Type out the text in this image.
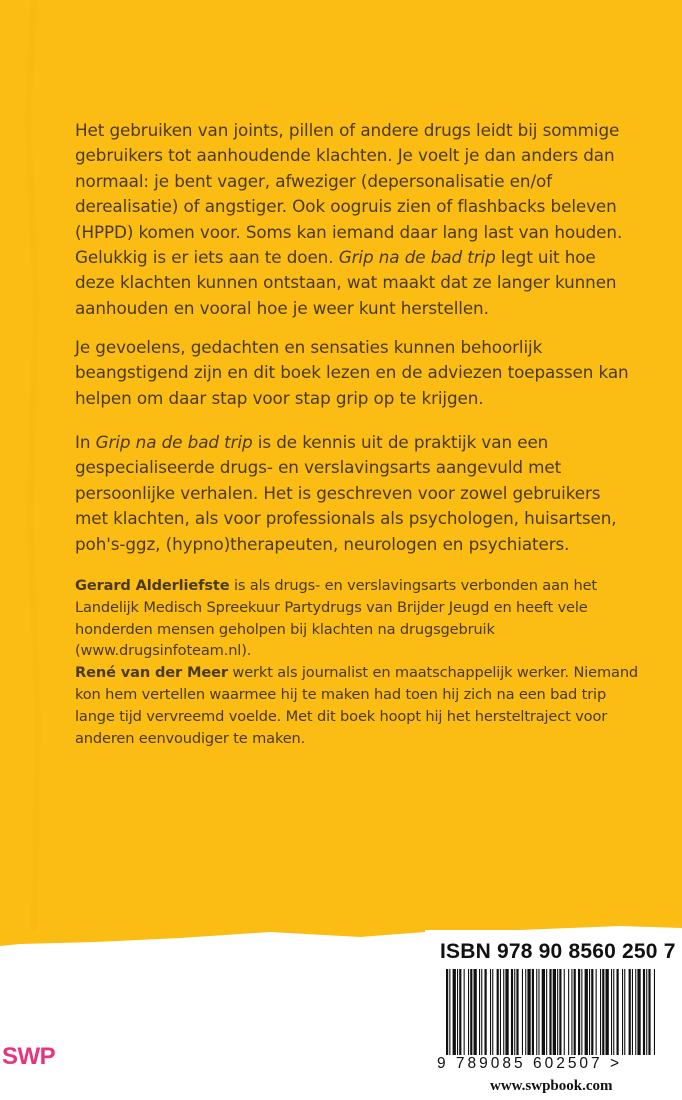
Het gebruiken van joints, pillen of andere drugs leidt bij sommige gebruikers tot aanhoudende klachten. Je voelt je dan anders dan normaal: je bent vager, afweziger (depersonalisatie en/of derealisatie) of angstiger. Ook oogruis zien of flashbacks beleven (HPPD) komen voor. Soms kan iemand daar lang last van houden. Gelukkig is er iets aan te doen. Grip na de bad trip legt uit hoe deze klachten kunnen ontstaan, wat maakt dat ze langer kunnen aanhouden en vooral hoe je weer kunt herstellen.

Je gevoelens, gedachten en sensaties kunnen behoorlijk beangstigend zijn en dit boek lezen en de adviezen toepassen kan helpen om daar stap voor stap grip op te krijgen.

In Grip na de bad trip is de kennis uit de praktijk van een gespecialiseerde drugs- en verslavingsarts aangevuld met persoonlijke verhalen. Het is geschreven voor zowel gebruikers met klachten, als voor professionals als psychologen, huisartsen, poh's-ggz, (hypno)therapeuten, neurologen en psychiaters.

Gerard Alderliefste is als drugs- en verslavingsarts verbonden aan het Landelijk Medisch Spreekuur Partydrugs van Brijder Jeugd en heeft vele honderden mensen geholpen bij klachten na drugsgebruik (www.drugsinfoteam.nl).
René van der Meer werkt als journalist en maatschappelijk werker. Niemand kon hem vertellen waarmee hij te maken had toen hij zich na een bad trip lange tijd vervreemd voelde. Met dit boek hoopt hij het hersteltraject voor anderen eenvoudiger te maken.

ISBN 978 90 8560 250 7
9 789085 602507 >
www.swpbook.com
SWP
